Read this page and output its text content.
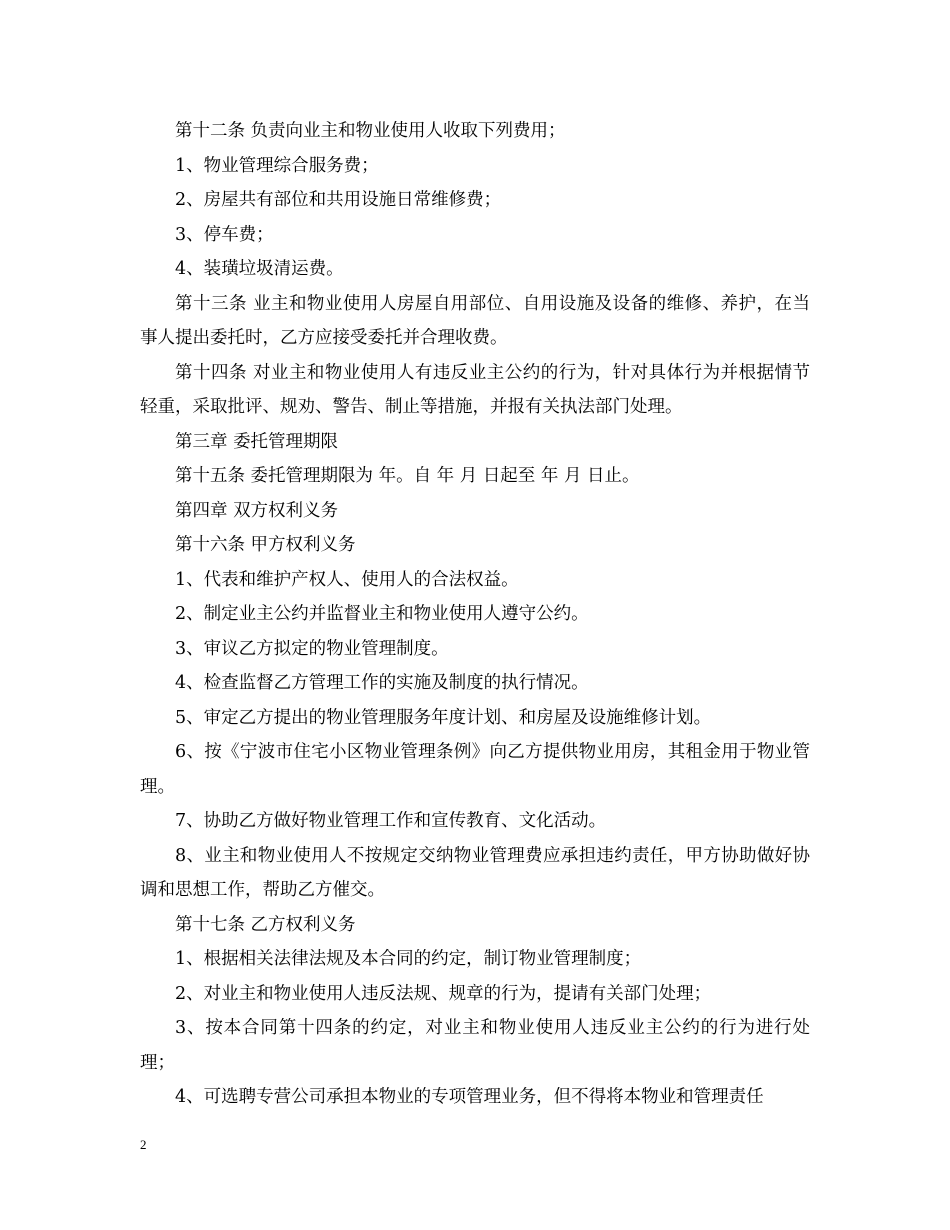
第十二条 负责向业主和物业使用人收取下列费用；

1、物业管理综合服务费；

2、房屋共有部位和共用设施日常维修费；

3、停车费；

4、装璜垃圾清运费。

第十三条 业主和物业使用人房屋自用部位、自用设施及设备的维修、养护，在当事人提出委托时，乙方应接受委托并合理收费。

第十四条 对业主和物业使用人有违反业主公约的行为，针对具体行为并根据情节轻重，采取批评、规劝、警告、制止等措施，并报有关执法部门处理。

第三章 委托管理期限

第十五条 委托管理期限为 年。自 年 月 日起至 年 月 日止。

第四章 双方权利义务

第十六条 甲方权利义务

1、代表和维护产权人、使用人的合法权益。

2、制定业主公约并监督业主和物业使用人遵守公约。

3、审议乙方拟定的物业管理制度。

4、检查监督乙方管理工作的实施及制度的执行情况。

5、审定乙方提出的物业管理服务年度计划、和房屋及设施维修计划。

6、按《宁波市住宅小区物业管理条例》向乙方提供物业用房，其租金用于物业管理。

7、协助乙方做好物业管理工作和宣传教育、文化活动。

8、业主和物业使用人不按规定交纳物业管理费应承担违约责任，甲方协助做好协调和思想工作，帮助乙方催交。

第十七条 乙方权利义务

1、根据相关法律法规及本合同的约定，制订物业管理制度；

2、对业主和物业使用人违反法规、规章的行为，提请有关部门处理；

3、按本合同第十四条的约定，对业主和物业使用人违反业主公约的行为进行处理；

4、可选聘专营公司承担本物业的专项管理业务，但不得将本物业和管理责任

2
